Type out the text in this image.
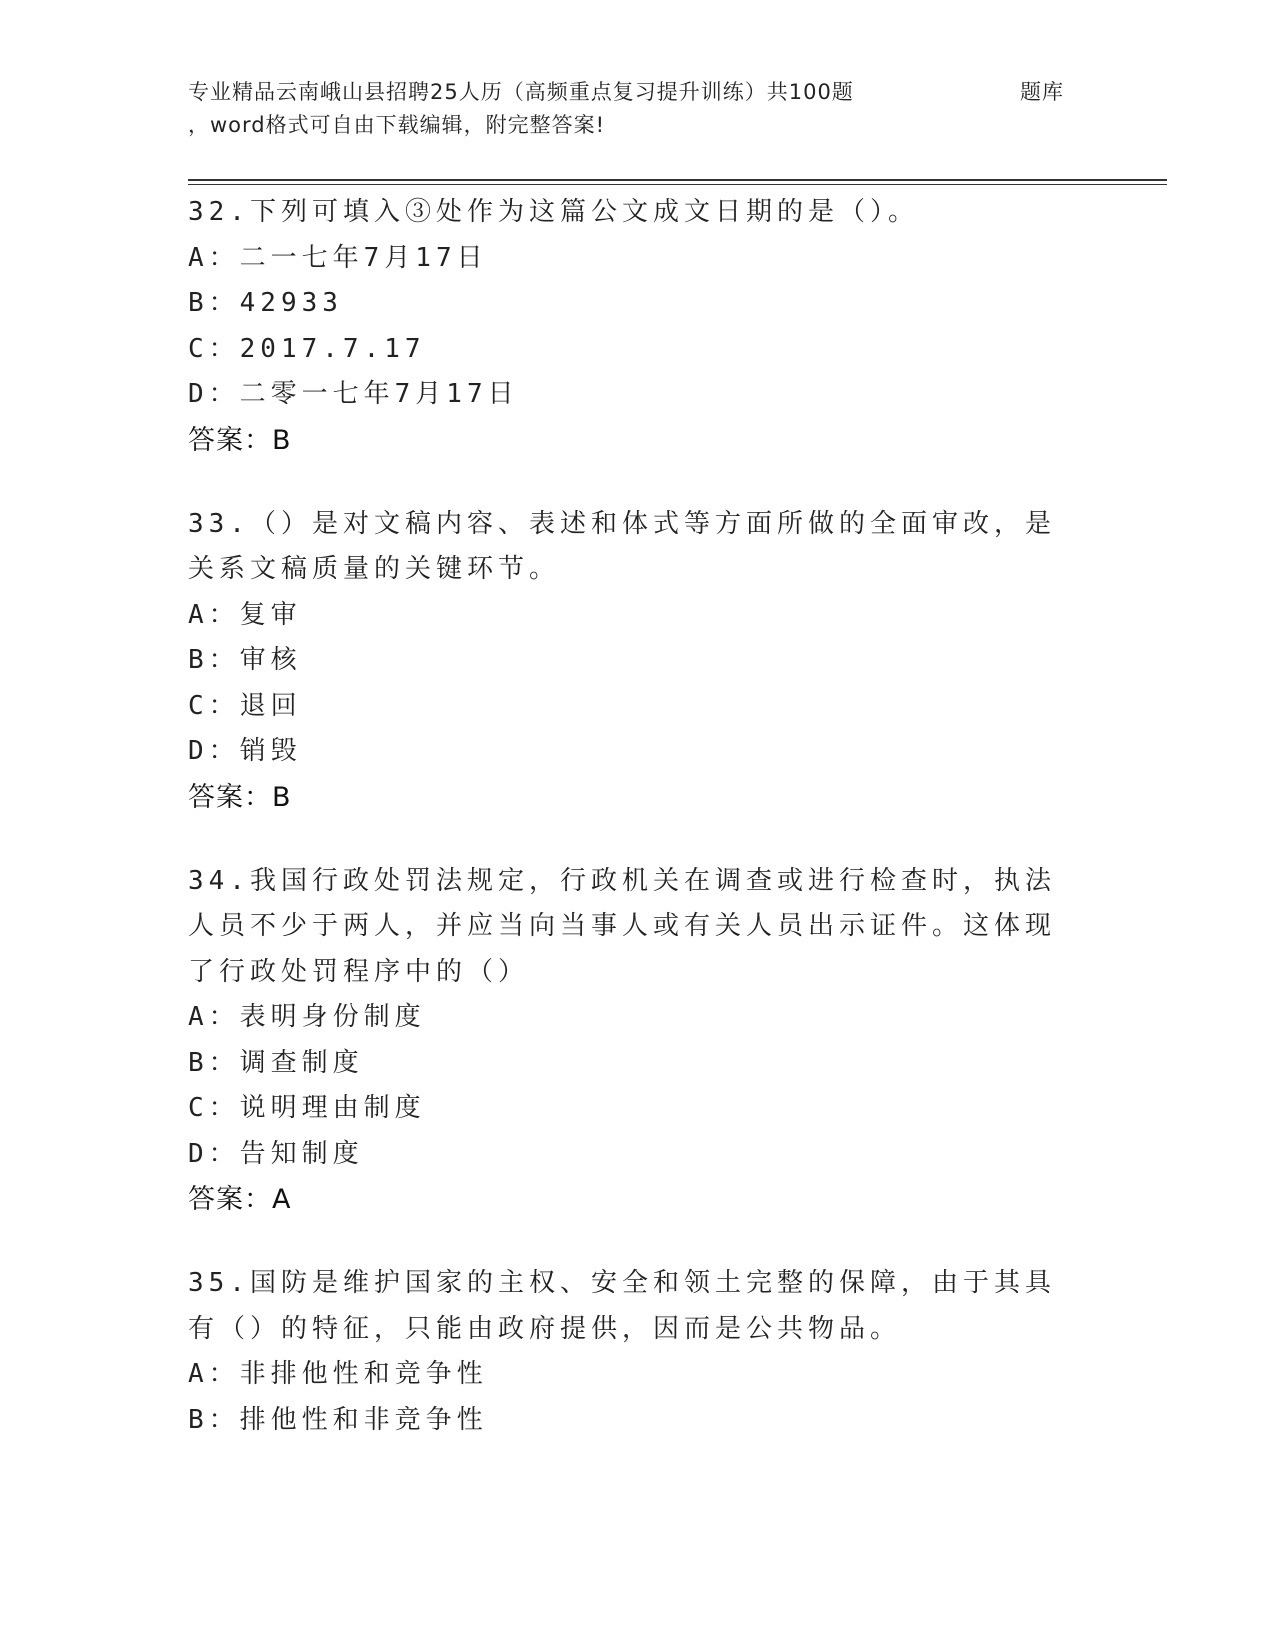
专业精品云南峨山县招聘25人历（高频重点复习提升训练）共100题	题库
，word格式可自由下载编辑，附完整答案!
32.下列可填入③处作为这篇公文成文日期的是（）。
A：二一七年7月17日
B：42933
C：2017.7.17
D：二零一七年7月17日
答案：B
33.（）是对文稿内容、表述和体式等方面所做的全面审改，是关系文稿质量的关键环节。
A：复审
B：审核
C：退回
D：销毁
答案：B
34.我国行政处罚法规定，行政机关在调查或进行检查时，执法人员不少于两人，并应当向当事人或有关人员出示证件。这体现了行政处罚程序中的（）
A：表明身份制度
B：调查制度
C：说明理由制度
D：告知制度
答案：A
35.国防是维护国家的主权、安全和领土完整的保障，由于其具有（）的特征，只能由政府提供，因而是公共物品。
A：非排他性和竞争性
B：排他性和非竞争性
